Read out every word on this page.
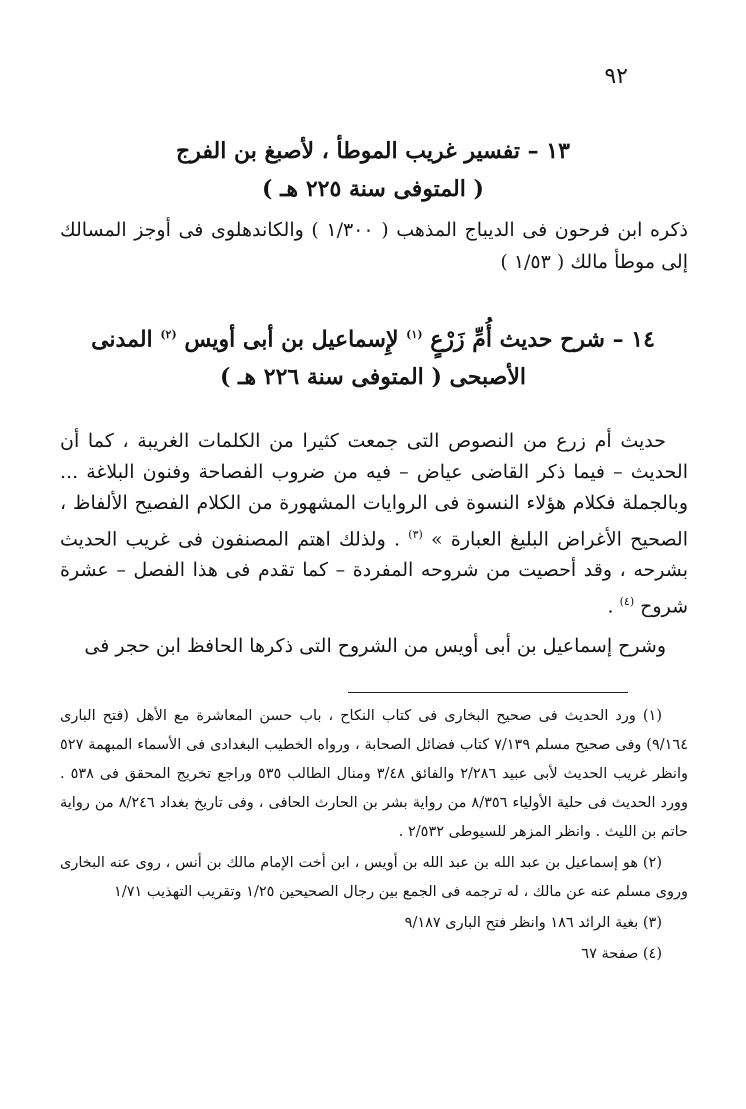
٩٢
١٣ – تفسير غريب الموطأ ، لأصبغ بن الفرج
( المتوفى سنة ٢٢٥ هـ )
ذكره ابن فرحون فى الديباج المذهب ( ١/٣٠٠ ) والكاندهلوى فى أوجز المسالك إلى موطأ مالك ( ١/٥٣ )
١٤ – شرح حديث أُمِّ زَرْعٍ $^{(١)}$ لإِسماعيل بن أبى أويس $^{(٢)}$ المدنى الأصبحى ( المتوفى سنة ٢٢٦ هـ )
حديث أم زرع من النصوص التى جمعت كثيرا من الكلمات الغريبة ، كما أن الحديث – فيما ذكر القاضى عياض – فيه من ضروب الفصاحة وفنون البلاغة ... وبالجملة فكلام هؤلاء النسوة فى الروايات المشهورة من الكلام الفصيح الألفاظ ، الصحيح الأغراض البليغ العبارة » $^{(٣)}$ . ولذلك اهتم المصنفون فى غريب الحديث بشرحه ، وقد أحصيت من شروحه المفردة – كما تقدم فى هذا الفصل – عشرة شروح $^{(٤)}$ .
وشرح إسماعيل بن أبى أويس من الشروح التى ذكرها الحافظ ابن حجر فى

(١) ورد الحديث فى صحيح البخارى فى كتاب النكاح ، باب حسن المعاشرة مع الأهل (فتح البارى ٩/١٦٤) وفى صحيح مسلم ٧/١٣٩ كتاب فضائل الصحابة ، ورواه الخطيب البغدادى فى الأسماء المبهمة ٥٢٧ وانظر غريب الحديث لأبى عبيد ٢/٢٨٦ والفائق ٣/٤٨ ومنال الطالب ٥٣٥ وراجع تخريج المحقق فى ٥٣٨ . وورد الحديث فى حلية الأولياء ٨/٣٥٦ من رواية بشر بن الحارث الحافى ، وفى تاريخ بغداد ٨/٢٤٦ من رواية حاتم بن الليث . وانظر المزهر للسيوطى ٢/٥٣٢ .

(٢) هو إسماعيل بن عبد الله بن عبد الله بن أويس ، ابن أخت الإمام مالك بن أنس ، روى عنه البخارى وروى مسلم عنه عن مالك ، له ترجمه فى الجمع بين رجال الصحيحين ١/٢٥ وتقريب التهذيب ١/٧١

(٣) بغية الرائد ١٨٦ وانظر فتح البارى ٩/١٨٧

(٤) صفحة ٦٧
